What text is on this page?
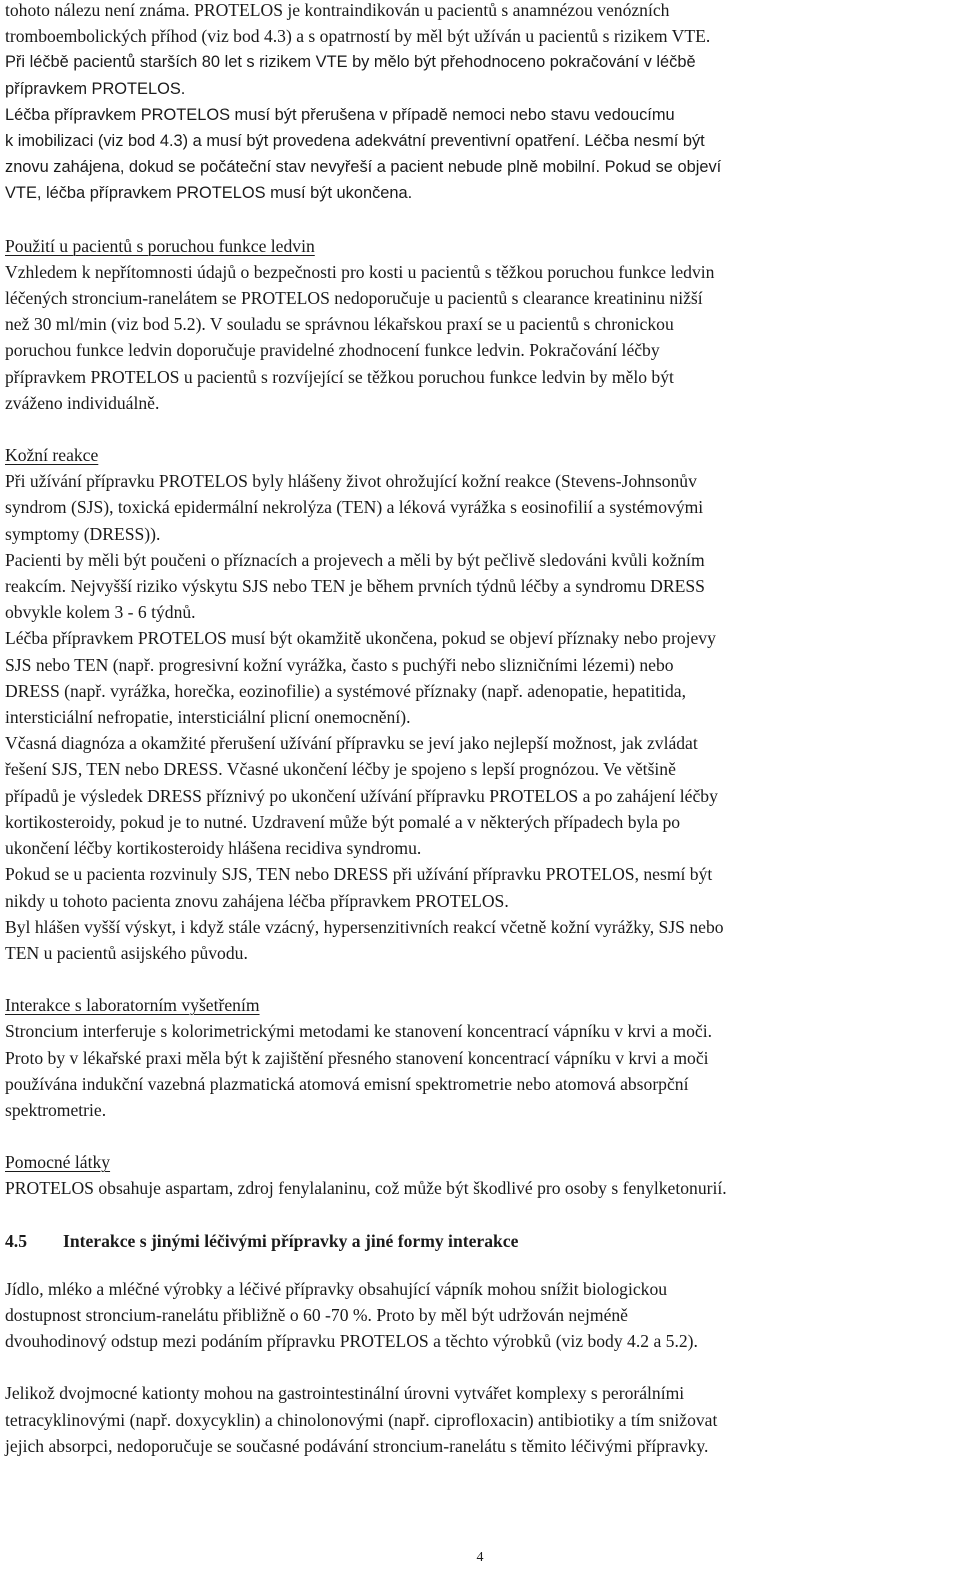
tohoto nálezu není známa. PROTELOS je kontraindikován u pacientů s anamnézou venózních
tromboembolických příhod (viz bod 4.3) a s opatrností by měl být užíván u pacientů s rizikem VTE.
Při léčbě pacientů starších 80 let s rizikem VTE by mělo být přehodnoceno pokračování v léčbě
přípravkem PROTELOS.
Léčba přípravkem PROTELOS musí být přerušena v případě nemoci nebo stavu vedoucímu
k imobilizaci (viz bod 4.3) a musí být provedena adekvátní preventivní opatření. Léčba nesmí být
znovu zahájena, dokud se počáteční stav nevyřeší a pacient nebude plně mobilní. Pokud se objeví
VTE, léčba přípravkem PROTELOS musí být ukončena.
Použití u pacientů s poruchou funkce ledvin
Vzhledem k nepřítomnosti údajů o bezpečnosti pro kosti u pacientů s těžkou poruchou funkce ledvin
léčených stroncium-ranelátem se PROTELOS nedoporučuje u pacientů s clearance kreatininu nižší
než 30 ml/min (viz bod 5.2). V souladu se správnou lékařskou praxí se u pacientů s chronickou
poruchou funkce ledvin doporučuje pravidelné zhodnocení funkce ledvin. Pokračování léčby
přípravkem PROTELOS u pacientů s rozvíjející se těžkou poruchou funkce ledvin by mělo být
zváženo individuálně.
Kožní reakce
Při užívání přípravku PROTELOS byly hlášeny život ohrožující kožní reakce (Stevens-Johnsonův
syndrom (SJS), toxická epidermální nekrolýza (TEN) a léková vyrážka s eosinofilií a systémovými
symptomy (DRESS)).
Pacienti by měli být poučeni o příznacích a projevech a měli by být pečlivě sledováni kvůli kožním
reakcím. Nejvyšší riziko výskytu SJS nebo TEN je během prvních týdnů léčby a syndromu DRESS
obvykle kolem 3 - 6 týdnů.
Léčba přípravkem PROTELOS musí být okamžitě ukončena, pokud se objeví příznaky nebo projevy
SJS nebo TEN (např. progresivní kožní vyrážka, často s puchýři nebo slizničními lézemi) nebo
DRESS (např. vyrážka, horečka, eozinofilie) a systémové příznaky (např. adenopatie, hepatitida,
intersticiální nefropatie, intersticiální plicní onemocnění).
Včasná diagnóza a okamžité přerušení užívání přípravku se jeví jako nejlepší možnost, jak zvládat
řešení SJS, TEN nebo DRESS. Včasné ukončení léčby je spojeno s lepší prognózou. Ve většině
případů je výsledek DRESS příznivý po ukončení užívání přípravku PROTELOS a po zahájení léčby
kortikosteroidy, pokud je to nutné. Uzdravení může být pomalé a v některých případech byla po
ukončení léčby kortikosteroidy hlášena recidiva syndromu.
Pokud se u pacienta rozvinuly SJS, TEN nebo DRESS při užívání přípravku PROTELOS, nesmí být
nikdy u tohoto pacienta znovu zahájena léčba přípravkem PROTELOS.
Byl hlášen vyšší výskyt, i když stále vzácný, hypersenzitivních reakcí včetně kožní vyrážky, SJS nebo
TEN u pacientů asijského původu.
Interakce s laboratorním vyšetřením
Stroncium interferuje s kolorimetrickými metodami ke stanovení koncentrací vápníku v krvi a moči.
Proto by v lékařské praxi měla být k zajištění přesného stanovení koncentrací vápníku v krvi a moči
používána indukční vazebná plazmatická atomová emisní spektrometrie nebo atomová absorpční
spektrometrie.
Pomocné látky
PROTELOS obsahuje aspartam, zdroj fenylalaninu, což může být škodlivé pro osoby s fenylketonurií.
4.5 Interakce s jinými léčivými přípravky a jiné formy interakce
Jídlo, mléko a mléčné výrobky a léčivé přípravky obsahující vápník mohou snížit biologickou
dostupnost stroncium-ranelátu přibližně o 60 -70 %. Proto by měl být udržován nejméně
dvouhodinový odstup mezi podáním přípravku PROTELOS a těchto výrobků (viz body 4.2 a 5.2).
Jelikož dvojmocné kationty mohou na gastrointestinální úrovni vytvářet komplexy s perorálními
tetracyklinovými (např. doxycyklin) a chinolonovými (např. ciprofloxacin) antibiotiky a tím snižovat
jejich absorpci, nedoporučuje se současné podávání stroncium-ranelátu s těmito léčivými přípravky.
4
